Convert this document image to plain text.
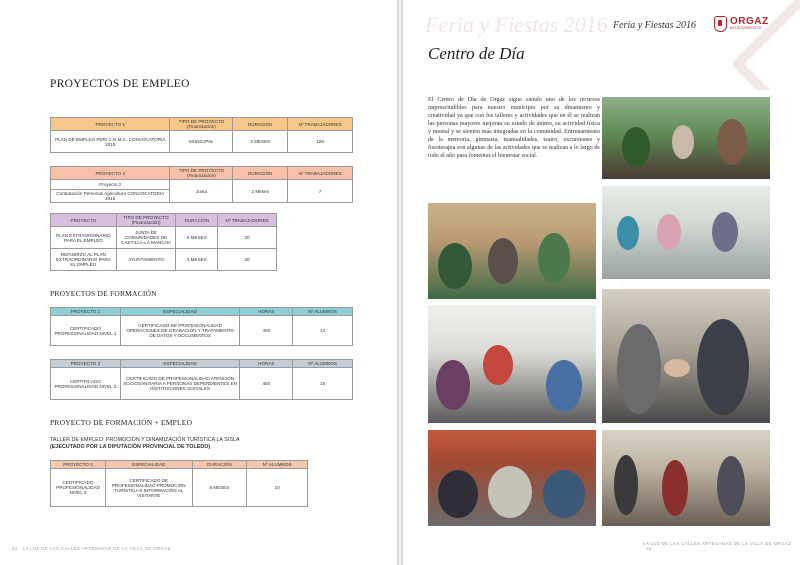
PROYECTOS DE EMPLEO
PROYECTO 1	TIPO DE PROYECTO (Financiación)	DURACIÓN	Nº TRABAJADORES
PLAN DE EMPLEO PERI C.R.M.C. CONVOCATORIA 2015	MUNICIPAL	3 MESES	128
PROYECTO 2	TIPO DE PROYECTO (Financiación)	DURACIÓN	Nº TRABAJADORES
Proyecto 2	Junta	2 Meses	7
Contratación Personas Agricultura CONVOCATORIA 2016			
PROYECTO	TIPO DE PROYECTO (Financiación)	DURACIÓN	Nº TRABAJADORES
PLAN EXTRAORDINARIO PARA EL EMPLEO	JUNTA DE COMUNIDADES DE CASTILLA-LA MANCHA	6 MESES	30
REFUERZO AL PLAN EXTRAORDINARIO PARA EL EMPLEO	AYUNTAMIENTO	3 MESES	30
PROYECTOS DE FORMACIÓN
PROYECTO 1	ESPECIALIDAD	HORAS	Nº ALUMNOS
CERTIFICADO PROFESIONALIDAD NIVEL 1	CERTIFICADO DE PROFESIONALIDAD OPERACIONES DE GRABACIÓN Y TRATAMIENTO DE DATOS Y DOCUMENTOS	400	12
PROYECTO 2	ESPECIALIDAD	HORAS	Nº ALUMNOS
CERTIFICADO PROFESIONALIDAD NIVEL 2	CERTIFICADO DE PROFESIONALIDAD ATENCIÓN SOCIOSANITARIA A PERSONAS DEPENDIENTES EN INSTITUCIONES SOCIALES	450	15
PROYECTO DE FORMACIÓN + EMPLEO
TALLER DE EMPLEO: PROMOCIÓN Y DINAMIZACIÓN TURÍSTICA LA SISLA
(EJECUTADO POR LA DIPUTACIÓN PROVINCIAL DE TOLEDO)
PROYECTO 3	ESPECIALIDAD	DURACIÓN	Nº ALUMNOS
CERTIFICADO PROFESIONALIDAD NIVEL 3	CERTIFICADO DE PROFESIONALIDAD PROMOCIÓN TURÍSTICA E INFORMACIÓN AL VISITANTE	6 MESES	10
62 LA LUZ DE LAS CALLES ARTESANAS DE LA VILLA DE ORGAZ
Feria y Fiestas 2016 Feria y Fiestas 2016	ORGAZ
AYUNTAMIENTO
Centro de Día
El Centro de Día de Orgaz sigue siendo uno de los recursos imprescindibles para nuestro municipio por su dinamismo y creatividad ya que con los talleres y actividades que en él se realizan las personas mayores mejoran su estado de ánimo, su actividad física y mental y se sienten más integradas en la comunidad. Entrenamiento de la memoria, gimnasia, manualidades, teatro, excursiones y fisioterapia son algunas de las actividades que se realizan a lo largo de todo el año para fomentar el bienestar social.
LA LUZ DE LAS CALLES ARTESANAS DE LA VILLA DE ORGAZ   63
